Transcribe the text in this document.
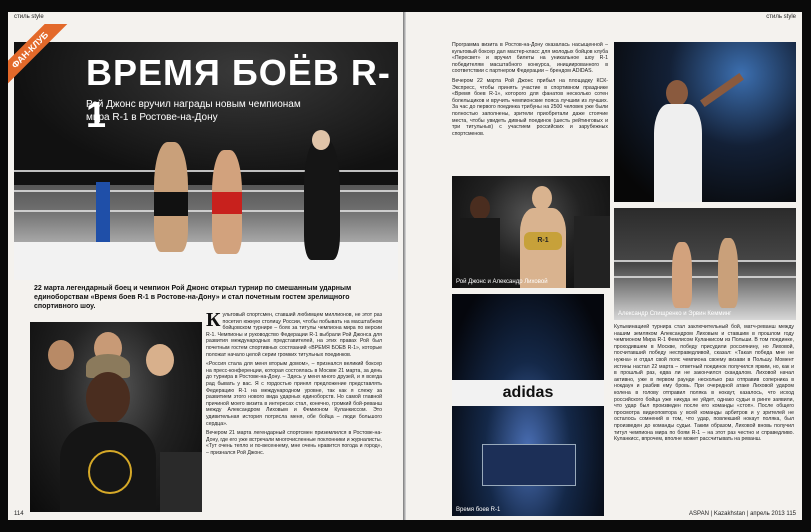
стиль style
ВРЕМЯ БОЁВ R-1
Рой Джонс вручил награды новым чемпионам мира R-1 в Ростове-на-Дону
ФАН-КЛУБ
22 марта легендарный боец и чемпион Рой Джонс открыл турнир по смешанным ударным единоборствам «Время боев R-1 в Ростове-на-Дону» и стал почетным гостем зрелищного спортивного шоу.
К ультовый спортсмен, ставший любимцем миллионов, не этот раз посетил южную столицу России, чтобы побывать на масштабном бойцовском турнире – боях за титулы чемпиона мира по версии R-1. Чемпионы и руководство Федерации R-1 выбрали Рой Джонса для развития международных представителей, на этих правах Рой был почетным гостем спортивных состязаний «ВРЕМЯ БОЕВ R-1», которые положат начало целой серии громких титульных поединков.
«Россия стала для меня вторым домом», – признался великий боксер на пресс-конференции, которая состоялась в Москве 21 марта, за день до турнира в Ростове-на-Дону. – Здесь у меня много друзей, и я всегда рад бывать у вас. Я с гордостью принял предложение представлять Федерацию R-1 на международном уровне, так как я слежу за развитием этого нового вида ударных единоборств. Но самой главной причиной моего визита в интересах стал, конечно, громкий бой-реванш между Александром Лиховым и Фемионом Куланкиссом. Это удивительная история потрясла меня, обе бойца – люди большого сердца».
Вечером 21 марта легендарный спортсмен приземлился в Ростове-на-Дону, где его уже встречали многочисленные поклонники и журналисты. «Тут очень тепло и по-весеннему, мне очень нравится погода и город», – признался Рой Джонс.
114
стиль style
Программа визита в Ростов-на-Дону оказалась насыщенной – культовый боксер дал мастер-класс для молодых бойцов клуба «Пересвет» и вручил билеты на уникальное шоу R-1 победителям масштабного конкурса, инициированного в соответствии с партнером Федерации – брендом ADIDAS.
Вечером 22 марта Рой Джонс прибыл на площадку КСК-Экспресс, чтобы принять участие в спортивном празднике «Время боев R-1», которого для фанатов несколько сотен болельщиков и вручить чемпионские пояса лучшим из лучших. За час до первого поединка трибуны на 2500 человек уже были полностью заполнены, зрители приобретали даже стоячие места, чтобы увидеть дивный поединок (шесть рейтинговых и три титульных) с участием российских и зарубежных спортсменов.
R-1
Рой Джонс и Александр Лиховой
Александр Спищренко и Эрвин Кемминг
adidas
Время боев R-1
Кульминацией турнира стал заключительный бой, матч-реванш между нашим земляком Александром Лиховым и ставшим в прошлом году чемпионом Мира R-1 Фемлисом Куланкисом из Польши. В том поединке, проходившем в Москве, победу присудили россиянину, но Лиховой, посчитавший победу несправедливой, сказал: «Такая победа мне не нужна» и отдал свой пояс чемпиона своему визави в Польшу. Момент истины настал 22 марта – ответный поединок получился ярким, но, как и в прошлый раз, едва ли не закончился скандалом. Лиховой начал активно, уже в первом раунде несколько раз отправив соперника в нокдаун и разбив ему бровь. При очередной атаке Лиховой ударом колена в голову отправил поляка в нокаут, казалось, что исход российского бойца уже никуда не уйдет, однако судьи в ринге заявили, что удар был произведен после его команды «стоп». После общего просмотра видеоповтора у всей команды арбитров и у зрителей не осталось сомнений в том, что удар, повлекший нокаут поляка, был произведен до команды судьи. Таким образом, Лиховой вновь получил титул чемпиона мира по боям R-1 – на этот раз честно и справедливо. Куланкисс, впрочем, вполне может рассчитывать на реванш.
ASPAN | Kazakhstan | апрель 2013 115
